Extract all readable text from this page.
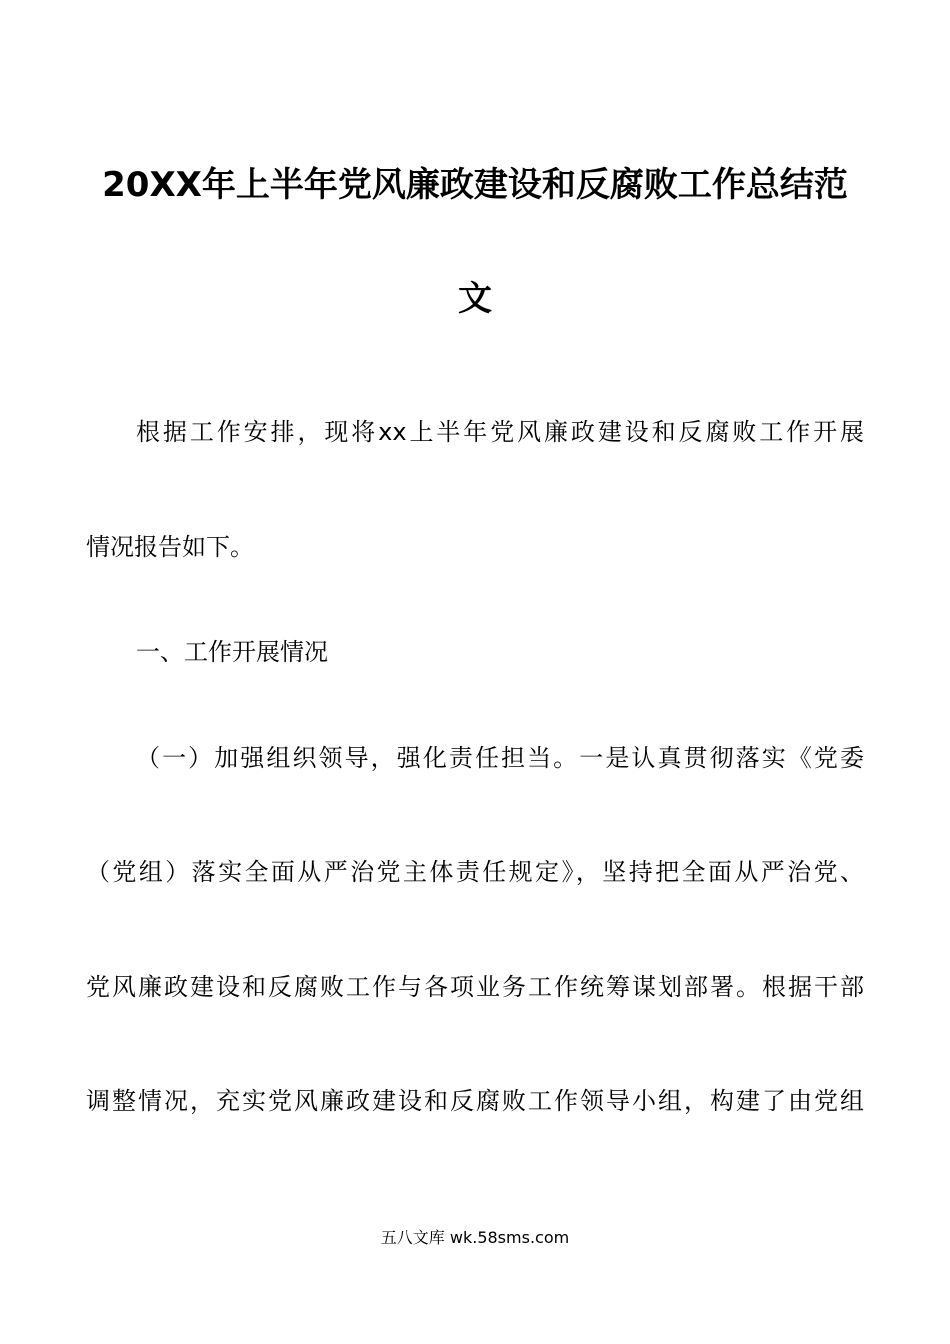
20XX年上半年党风廉政建设和反腐败工作总结范
文
根据工作安排，现将xx上半年党风廉政建设和反腐败工作开展
情况报告如下。
一、工作开展情况
（一）加强组织领导，强化责任担当。一是认真贯彻落实《党委
（党组）落实全面从严治党主体责任规定》，坚持把全面从严治党、
党风廉政建设和反腐败工作与各项业务工作统筹谋划部署。根据干部
调整情况，充实党风廉政建设和反腐败工作领导小组，构建了由党组
五八文库 wk.58sms.com
